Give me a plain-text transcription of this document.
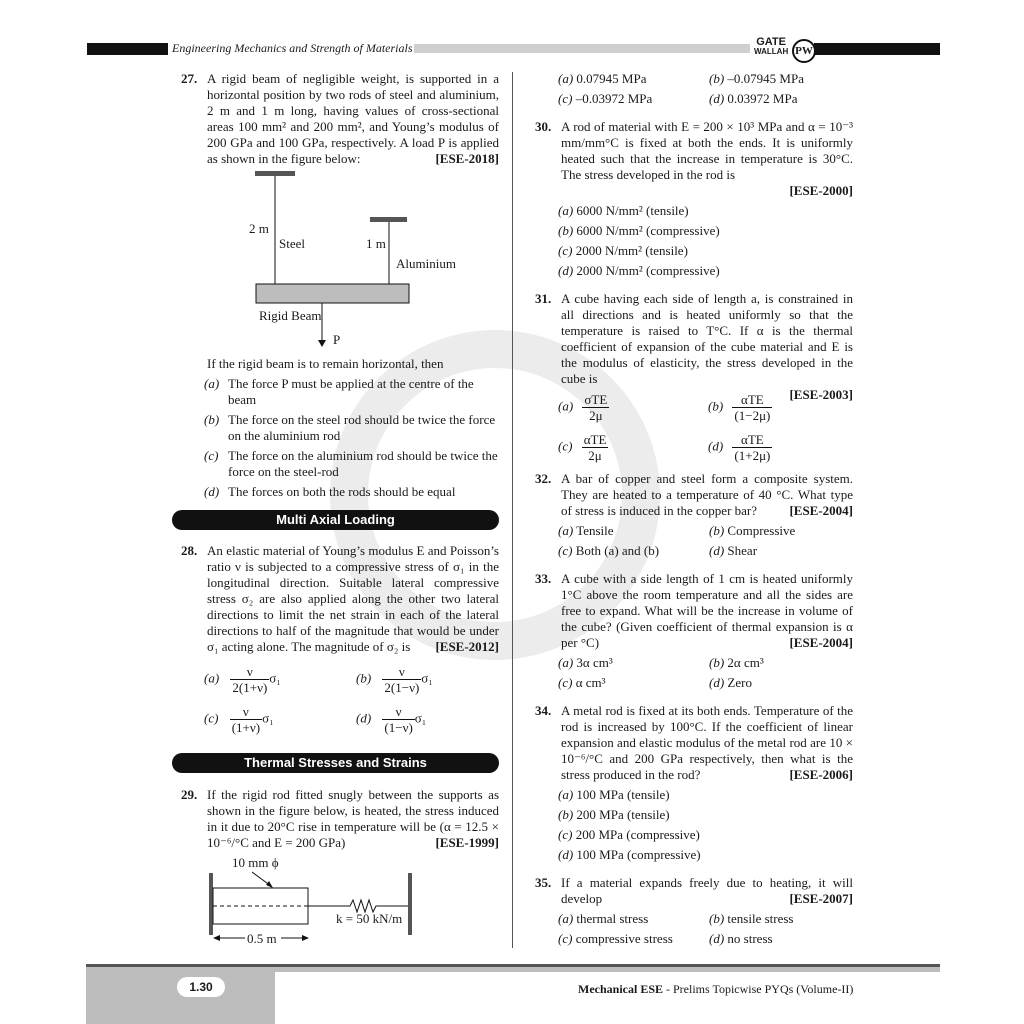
Engineering Mechanics and Strength of Materials	GATE
WALLAH PW
27. A rigid beam of negligible weight, is supported in a horizontal position by two rods of steel and aluminium, 2 m and 1 m long, having values of cross-sectional areas 100 mm² and 200 mm², and Young’s modulus of 200 GPa and 100 GPa, respectively. A load P is applied as shown in the figure below:	[ESE-2018]
2 m
Steel	1 m
Aluminium
Rigid Beam
P
If the rigid beam is to remain horizontal, then
(a) The force P must be applied at the centre of the beam
(b) The force on the steel rod should be twice the force on the aluminium rod
(c) The force on the aluminium rod should be twice the force on the steel-rod
(d) The forces on both the rods should be equal
Multi Axial Loading
28. An elastic material of Young’s modulus E and Poisson’s ratio ν is subjected to a compressive stress of σ₁ in the longitudinal direction. Suitable lateral compressive stress σ₂ are also applied along the other two lateral directions to limit the net strain in each of the lateral directions to half of the magnitude that would be under σ₁ acting alone. The magnitude of σ₂ is [ESE-2012]
$(a) \frac{\nu}{2(1+\nu)} \sigma_1$	$(b) \frac{\nu}{2(1-\nu)} \sigma_1$
$(c) \frac{\nu}{(1+\nu)} \sigma_1$	$(d) \frac{\nu}{(1-\nu)} \sigma_1$
Thermal Stresses and Strains
29. If the rigid rod fitted snugly between the supports as shown in the figure below, is heated, the stress induced in it due to 20°C rise in temperature will be (α = 12.5 × 10⁻⁶/°C and E = 200 GPa)	[ESE-1999]
10 mm ϕ
k = 50 kN/m
0.5 m
(a) 0.07945 MPa	(b) –0.07945 MPa
(c) –0.03972 MPa	(d) 0.03972 MPa
30. A rod of material with E = 200 × 10³ MPa and α = 10⁻³ mm/mm°C is fixed at both the ends. It is uniformly heated such that the increase in temperature is 30°C. The stress developed in the rod is
[ESE-2000]
(a) 6000 N/mm² (tensile)
(b) 6000 N/mm² (compressive)
(c) 2000 N/mm² (tensile)
(d) 2000 N/mm² (compressive)
31. A cube having each side of length a, is constrained in all directions and is heated uniformly so that the temperature is raised to T°C. If α is the thermal coefficient of expansion of the cube material and E is the modulus of elasticity, the stress developed in the cube is
[ESE-2003]
$(a) \frac{\text{σTE}}{2\mu}$	$(b) \frac{\text{αTE}}{(1-2\mu)}$
$(c) \frac{\text{αTE}}{2\mu}$	$(d) \frac{\text{αTE}}{(1+2\mu)}$
32. A bar of copper and steel form a composite system. They are heated to a temperature of 40 °C. What type of stress is induced in the copper bar? [ESE-2004]
(a) Tensile	(b) Compressive
(c) Both (a) and (b)	(d) Shear
33. A cube with a side length of 1 cm is heated uniformly 1°C above the room temperature and all the sides are free to expand. What will be the increase in volume of the cube? (Given coefficient of thermal expansion is α per °C)	[ESE-2004]
(a) 3α cm³	(b) 2α cm³
(c) α cm³	(d) Zero
34. A metal rod is fixed at its both ends. Temperature of the rod is increased by 100°C. If the coefficient of linear expansion and elastic modulus of the metal rod are 10 × 10⁻⁶/°C and 200 GPa respectively, then what is the stress produced in the rod?	[ESE-2006]
(a) 100 MPa (tensile)
(b) 200 MPa (tensile)
(c) 200 MPa (compressive)
(d) 100 MPa (compressive)
35. If a material expands freely due to heating, it will develop	[ESE-2007]
(a) thermal stress	(b) tensile stress
(c) compressive stress	(d) no stress
1.30	Mechanical ESE - Prelims Topicwise PYQs (Volume-II)
